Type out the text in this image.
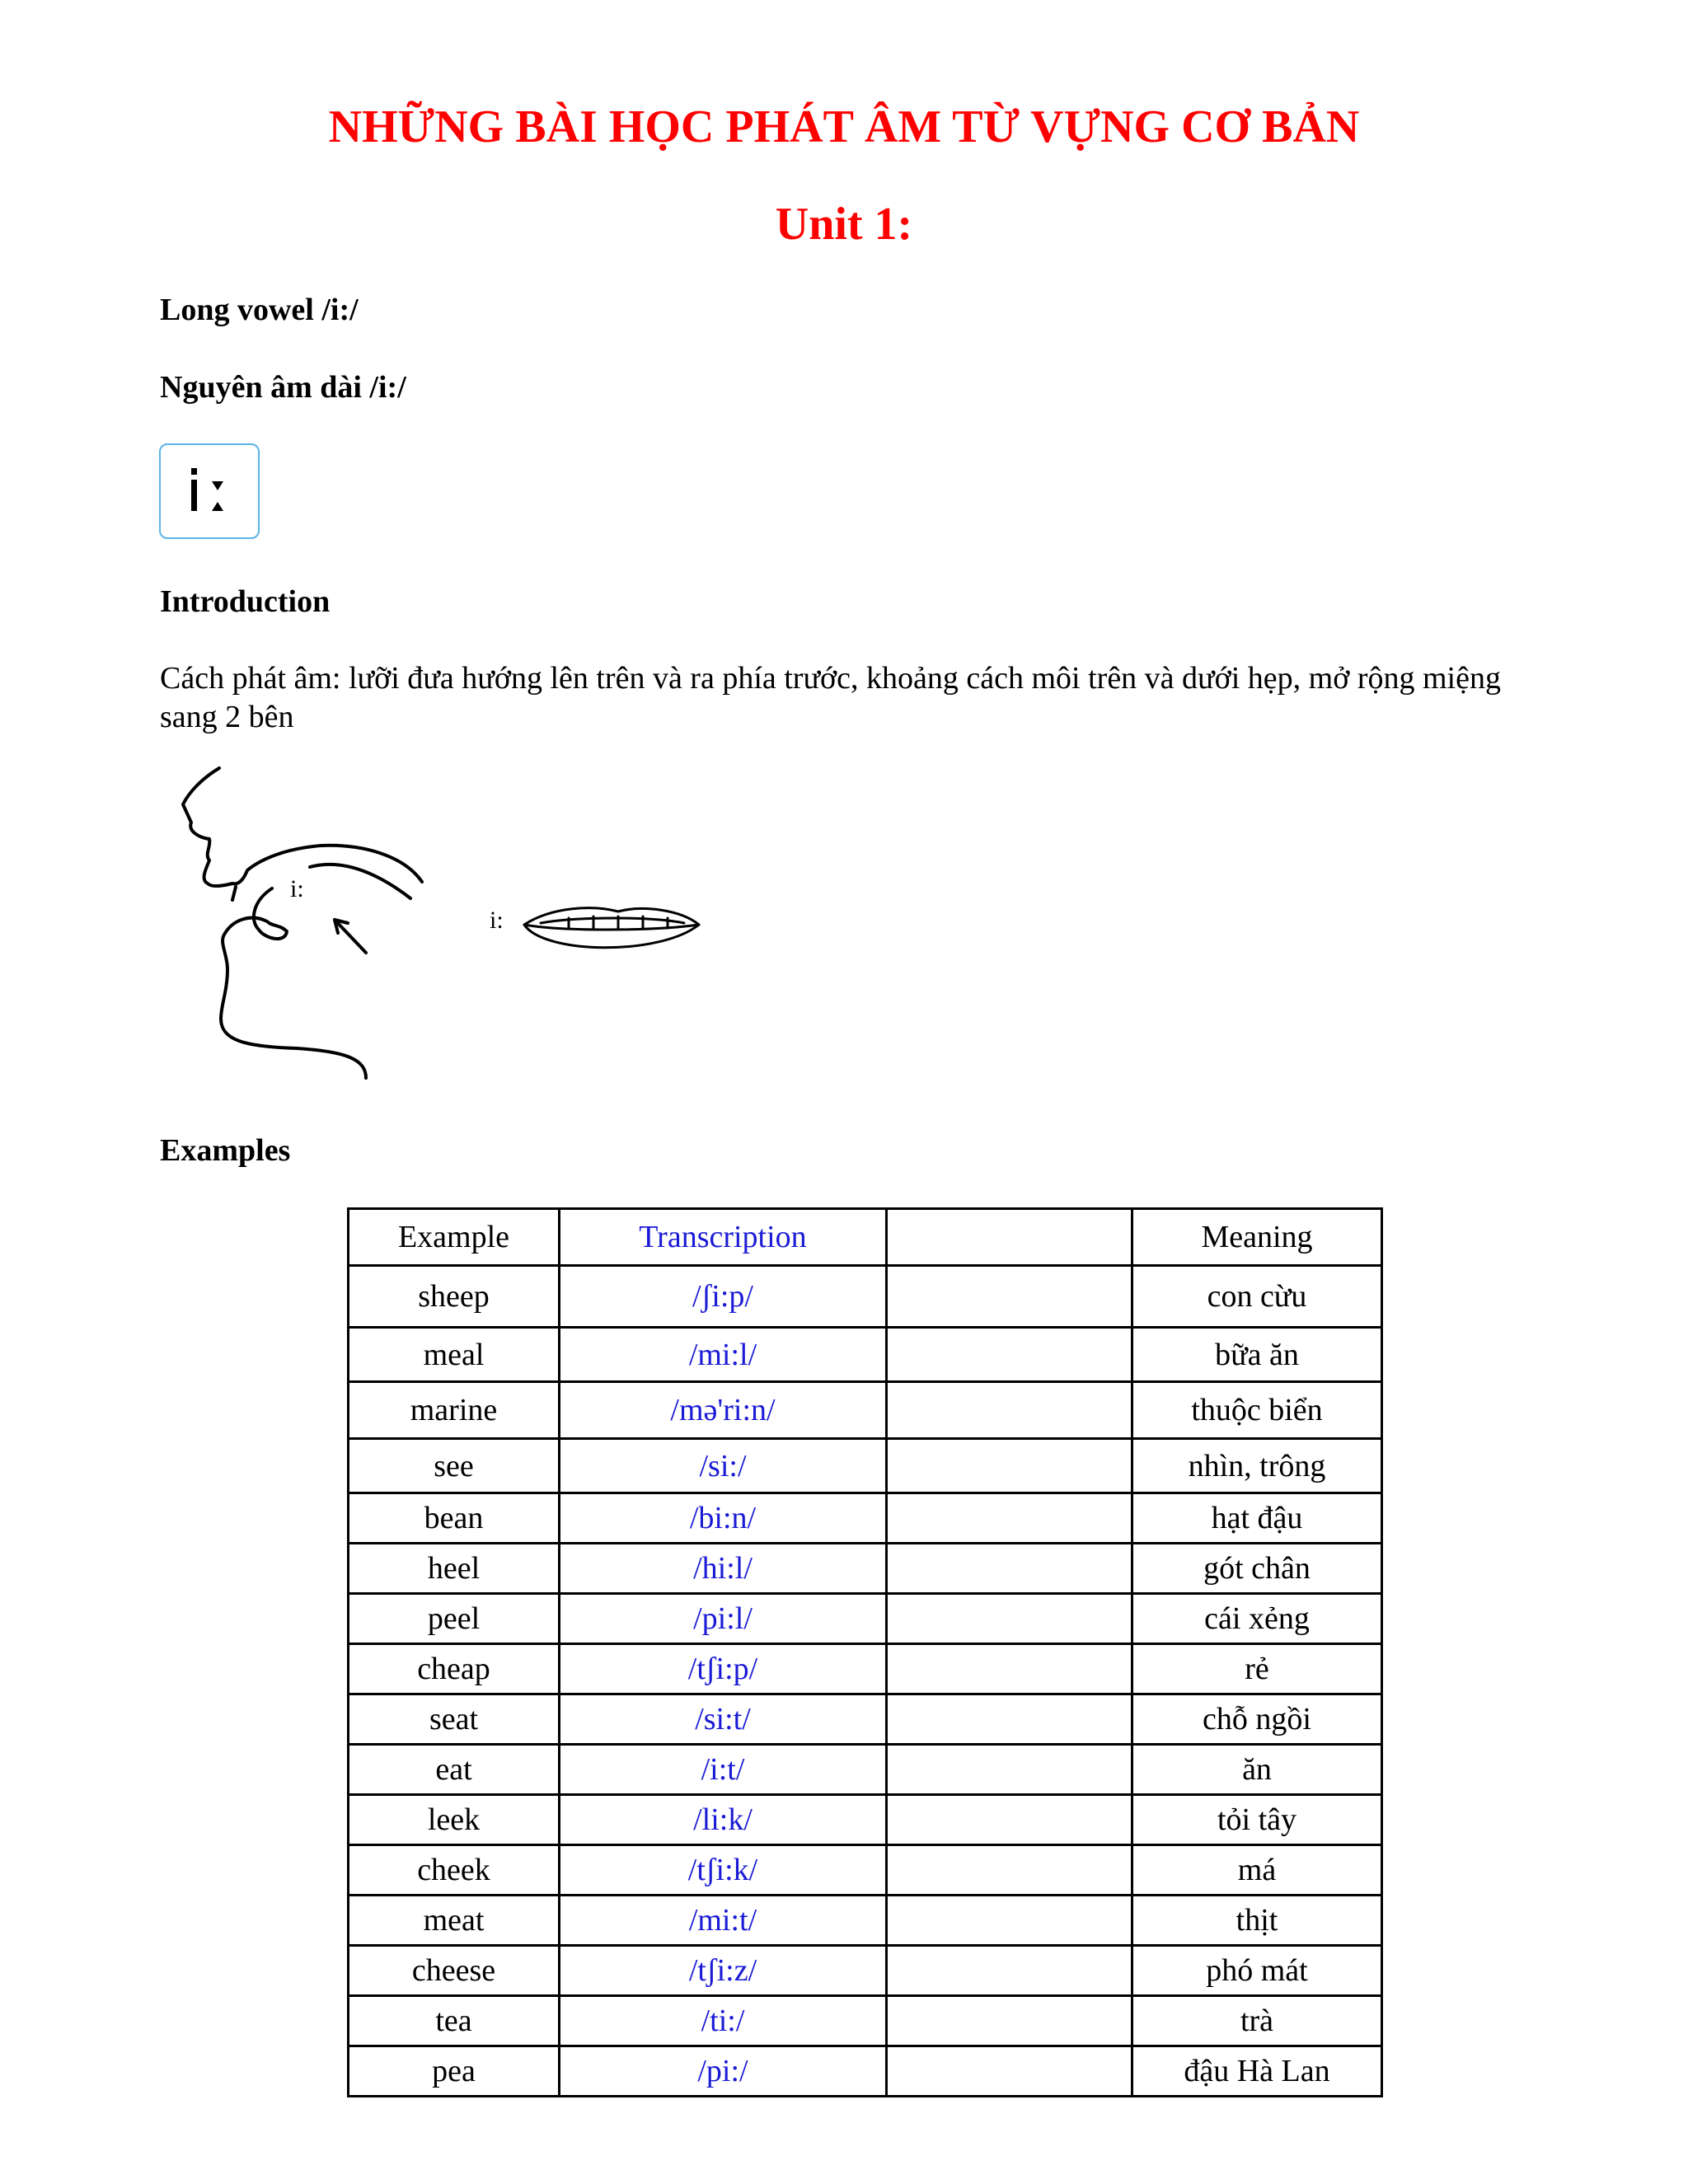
NHỮNG BÀI HỌC PHÁT ÂM TỪ VỰNG CƠ BẢN
Unit 1:

Long vowel /i:/

Nguyên âm dài /i:/

Introduction

Cách phát âm: lưỡi đưa hướng lên trên và ra phía trước, khoảng cách môi trên và dưới hẹp, mở rộng miệng sang 2 bên

i:
i:

Examples

Example	Transcription		Meaning
sheep	/ʃi:p/		con cừu
meal	/mi:l/		bữa ăn
marine	/mə'ri:n/		thuộc biển
see	/si:/		nhìn, trông
bean	/bi:n/		hạt đậu
heel	/hi:l/		gót chân
peel	/pi:l/		cái xẻng
cheap	/tʃi:p/		rẻ
seat	/si:t/		chỗ ngồi
eat	/i:t/		ăn
leek	/li:k/		tỏi tây
cheek	/tʃi:k/		má
meat	/mi:t/		thịt
cheese	/tʃi:z/		phó mát
tea	/ti:/		trà
pea	/pi:/		đậu Hà Lan
